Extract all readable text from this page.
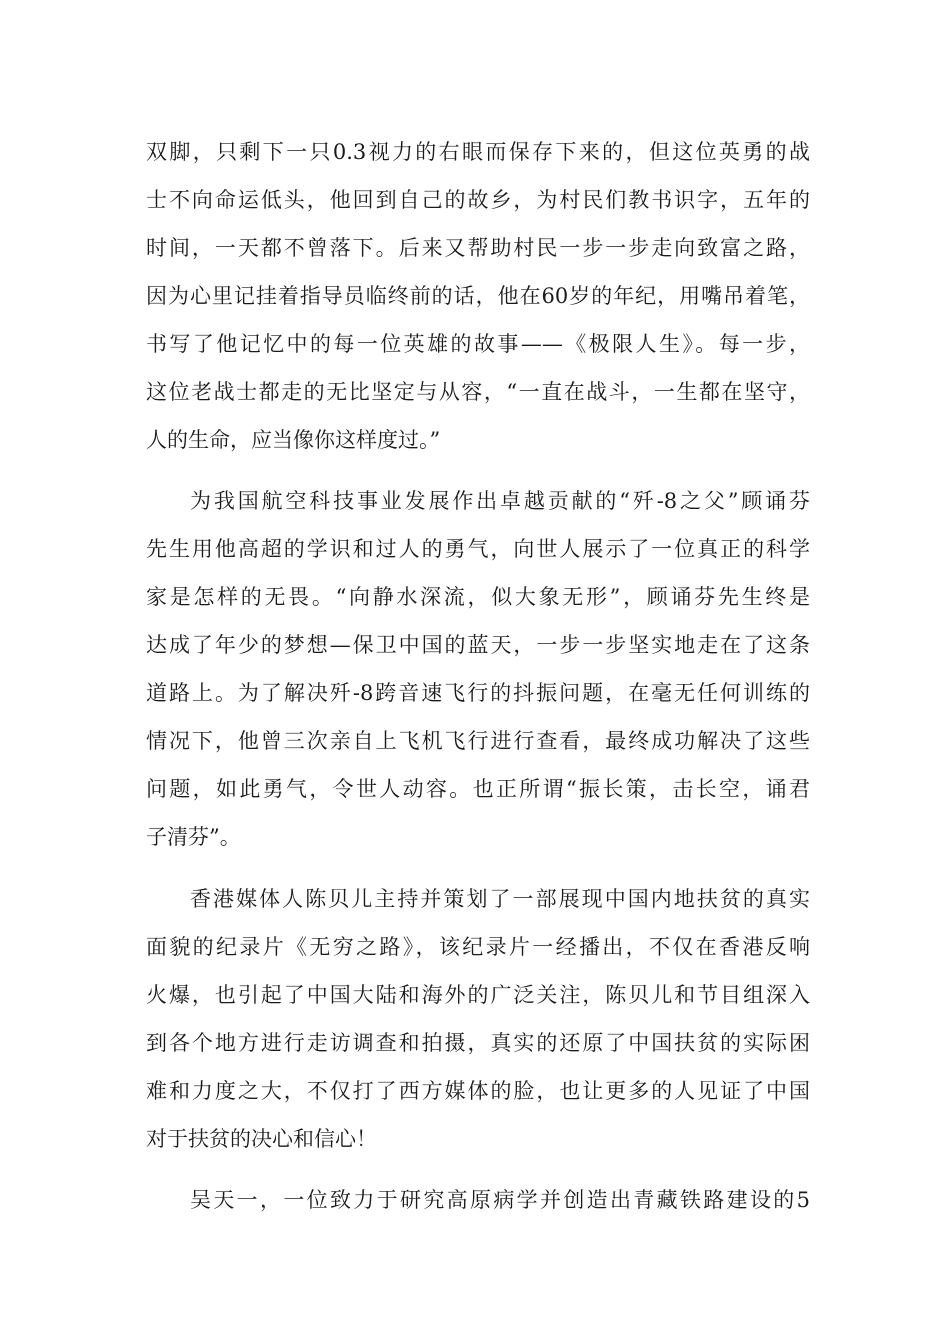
双脚，只剩下一只0.3视力的右眼而保存下来的，但这位英勇的战
士不向命运低头，他回到自己的故乡，为村民们教书识字，五年的
时间，一天都不曾落下。后来又帮助村民一步一步走向致富之路，
因为心里记挂着指导员临终前的话，他在60岁的年纪，用嘴吊着笔，
书写了他记忆中的每一位英雄的故事——《极限人生》。每一步，
这位老战士都走的无比坚定与从容，“一直在战斗，一生都在坚守，
人的生命，应当像你这样度过。”
为我国航空科技事业发展作出卓越贡献的“歼-8之父”顾诵芬
先生用他高超的学识和过人的勇气，向世人展示了一位真正的科学
家是怎样的无畏。“向静水深流，似大象无形”，顾诵芬先生终是
达成了年少的梦想—保卫中国的蓝天，一步一步坚实地走在了这条
道路上。为了解决歼-8跨音速飞行的抖振问题，在毫无任何训练的
情况下，他曾三次亲自上飞机飞行进行查看，最终成功解决了这些
问题，如此勇气，令世人动容。也正所谓“振长策，击长空，诵君
子清芬”。
香港媒体人陈贝儿主持并策划了一部展现中国内地扶贫的真实
面貌的纪录片《无穷之路》，该纪录片一经播出，不仅在香港反响
火爆，也引起了中国大陆和海外的广泛关注，陈贝儿和节目组深入
到各个地方进行走访调查和拍摄，真实的还原了中国扶贫的实际困
难和力度之大，不仅打了西方媒体的脸，也让更多的人见证了中国
对于扶贫的决心和信心！
吴天一，一位致力于研究高原病学并创造出青藏铁路建设的5
